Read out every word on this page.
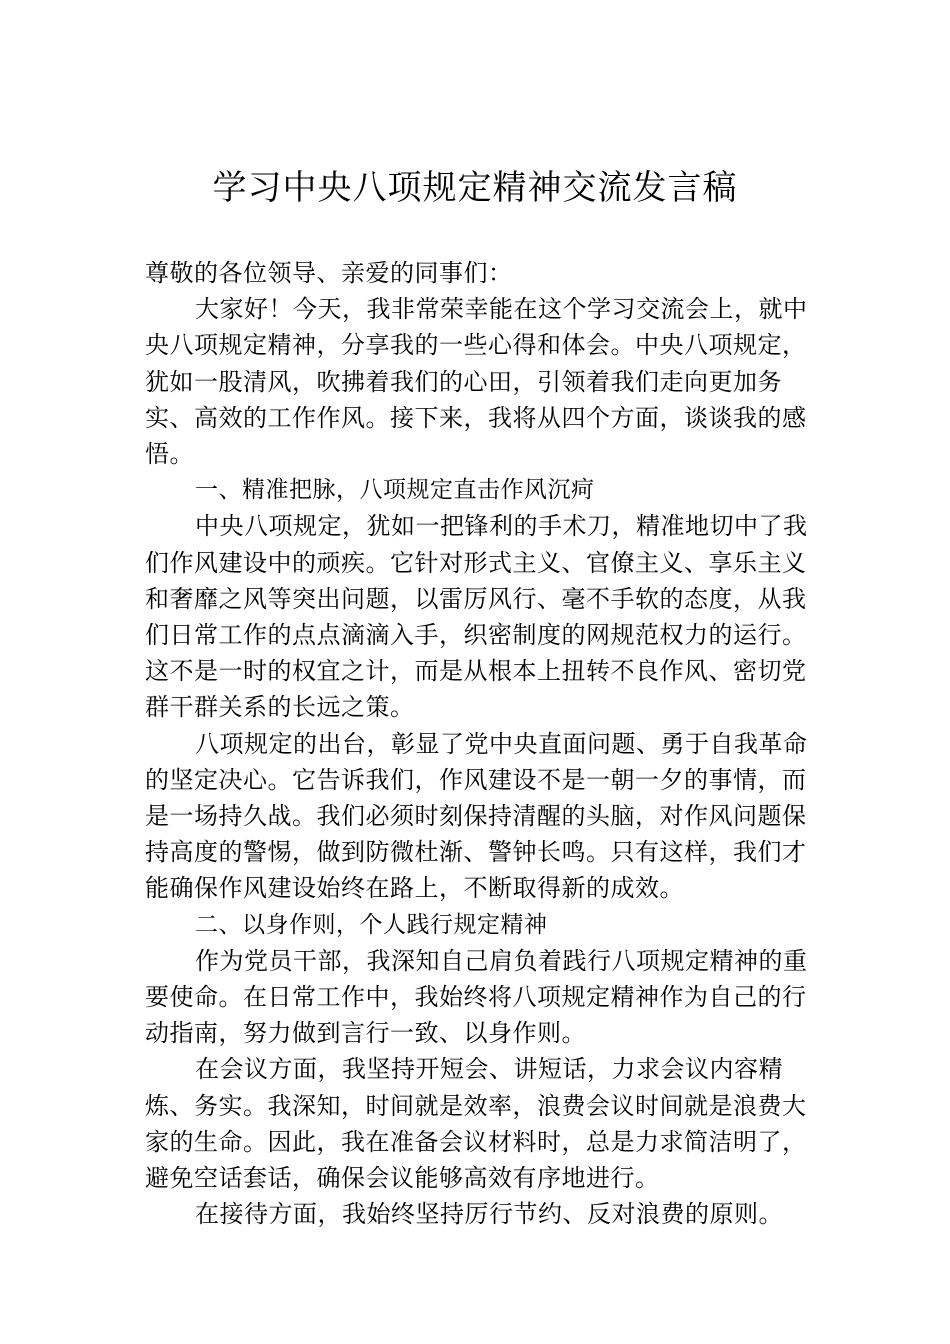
学习中央八项规定精神交流发言稿

尊敬的各位领导、亲爱的同事们：

大家好！今天，我非常荣幸能在这个学习交流会上，就中央八项规定精神，分享我的一些心得和体会。中央八项规定，犹如一股清风，吹拂着我们的心田，引领着我们走向更加务实、高效的工作作风。接下来，我将从四个方面，谈谈我的感悟。

一、精准把脉，八项规定直击作风沉疴

中央八项规定，犹如一把锋利的手术刀，精准地切中了我们作风建设中的顽疾。它针对形式主义、官僚主义、享乐主义和奢靡之风等突出问题，以雷厉风行、毫不手软的态度，从我们日常工作的点点滴滴入手，织密制度的网规范权力的运行。这不是一时的权宜之计，而是从根本上扭转不良作风、密切党群干群关系的长远之策。

八项规定的出台，彰显了党中央直面问题、勇于自我革命的坚定决心。它告诉我们，作风建设不是一朝一夕的事情，而是一场持久战。我们必须时刻保持清醒的头脑，对作风问题保持高度的警惕，做到防微杜渐、警钟长鸣。只有这样，我们才能确保作风建设始终在路上，不断取得新的成效。

二、以身作则，个人践行规定精神

作为党员干部，我深知自己肩负着践行八项规定精神的重要使命。在日常工作中，我始终将八项规定精神作为自己的行动指南，努力做到言行一致、以身作则。

在会议方面，我坚持开短会、讲短话，力求会议内容精炼、务实。我深知，时间就是效率，浪费会议时间就是浪费大家的生命。因此，我在准备会议材料时，总是力求简洁明了，避免空话套话，确保会议能够高效有序地进行。

在接待方面，我始终坚持厉行节约、反对浪费的原则。
